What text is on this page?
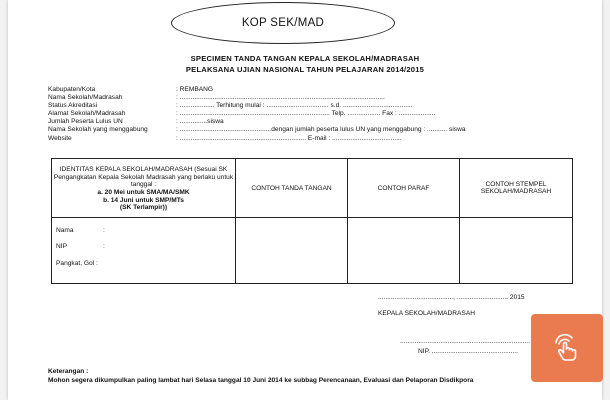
KOP SEK/MAD
SPECIMEN TANDA TANGAN KEPALA SEKOLAH/MADRASAH
PELAKSANA UJIAN NASIONAL TAHUN PELAJARAN 2014/2015
Kabupaten/Kota	: REMBANG
Nama Sekolah/Madrasah	: ................................................................................................................
Status Akreditasi	: ................... Terhitung mulai : .................................. s.d. ......................................
Alamat Sekolah/Madrasah	: .................................................................................. Telp. .................. Fax : ....................
Jumlah Peserta Lulus UN	: ...............siswa
Nama Sekolah yang menggabung	: ..................................................dengan jumlah peserta lulus UN yang menggabung : ........... siswa
Website	: ..................................................................... E-mail : ......................................
IDENTITAS KEPALA SEKOLAH/MADRASAH (Sesuai SK Pengangkatan Kepala Sekolah Madrasah yang berlaku untuk tanggal :
a. 20 Mei untuk SMA/MA/SMK
b. 14 Juni untuk SMP/MTs
(SK Terlampir))	CONTOH TANDA TANGAN	CONTOH PARAF	CONTOH STEMPEL SEKOLAH/MADRASAH

Nama :
NIP :
Pangkat, Gol :			

........................................., ............................ 2015
KEPALA SEKOLAH/MADRASAH
.......................................................................
NIP. ...............................................
Keterangan :
Mohon segera dikumpulkan paling lambat hari Selasa tanggal 10 Juni 2014 ke subbag Perencanaan, Evaluasi dan Pelaporan Disdikpora
